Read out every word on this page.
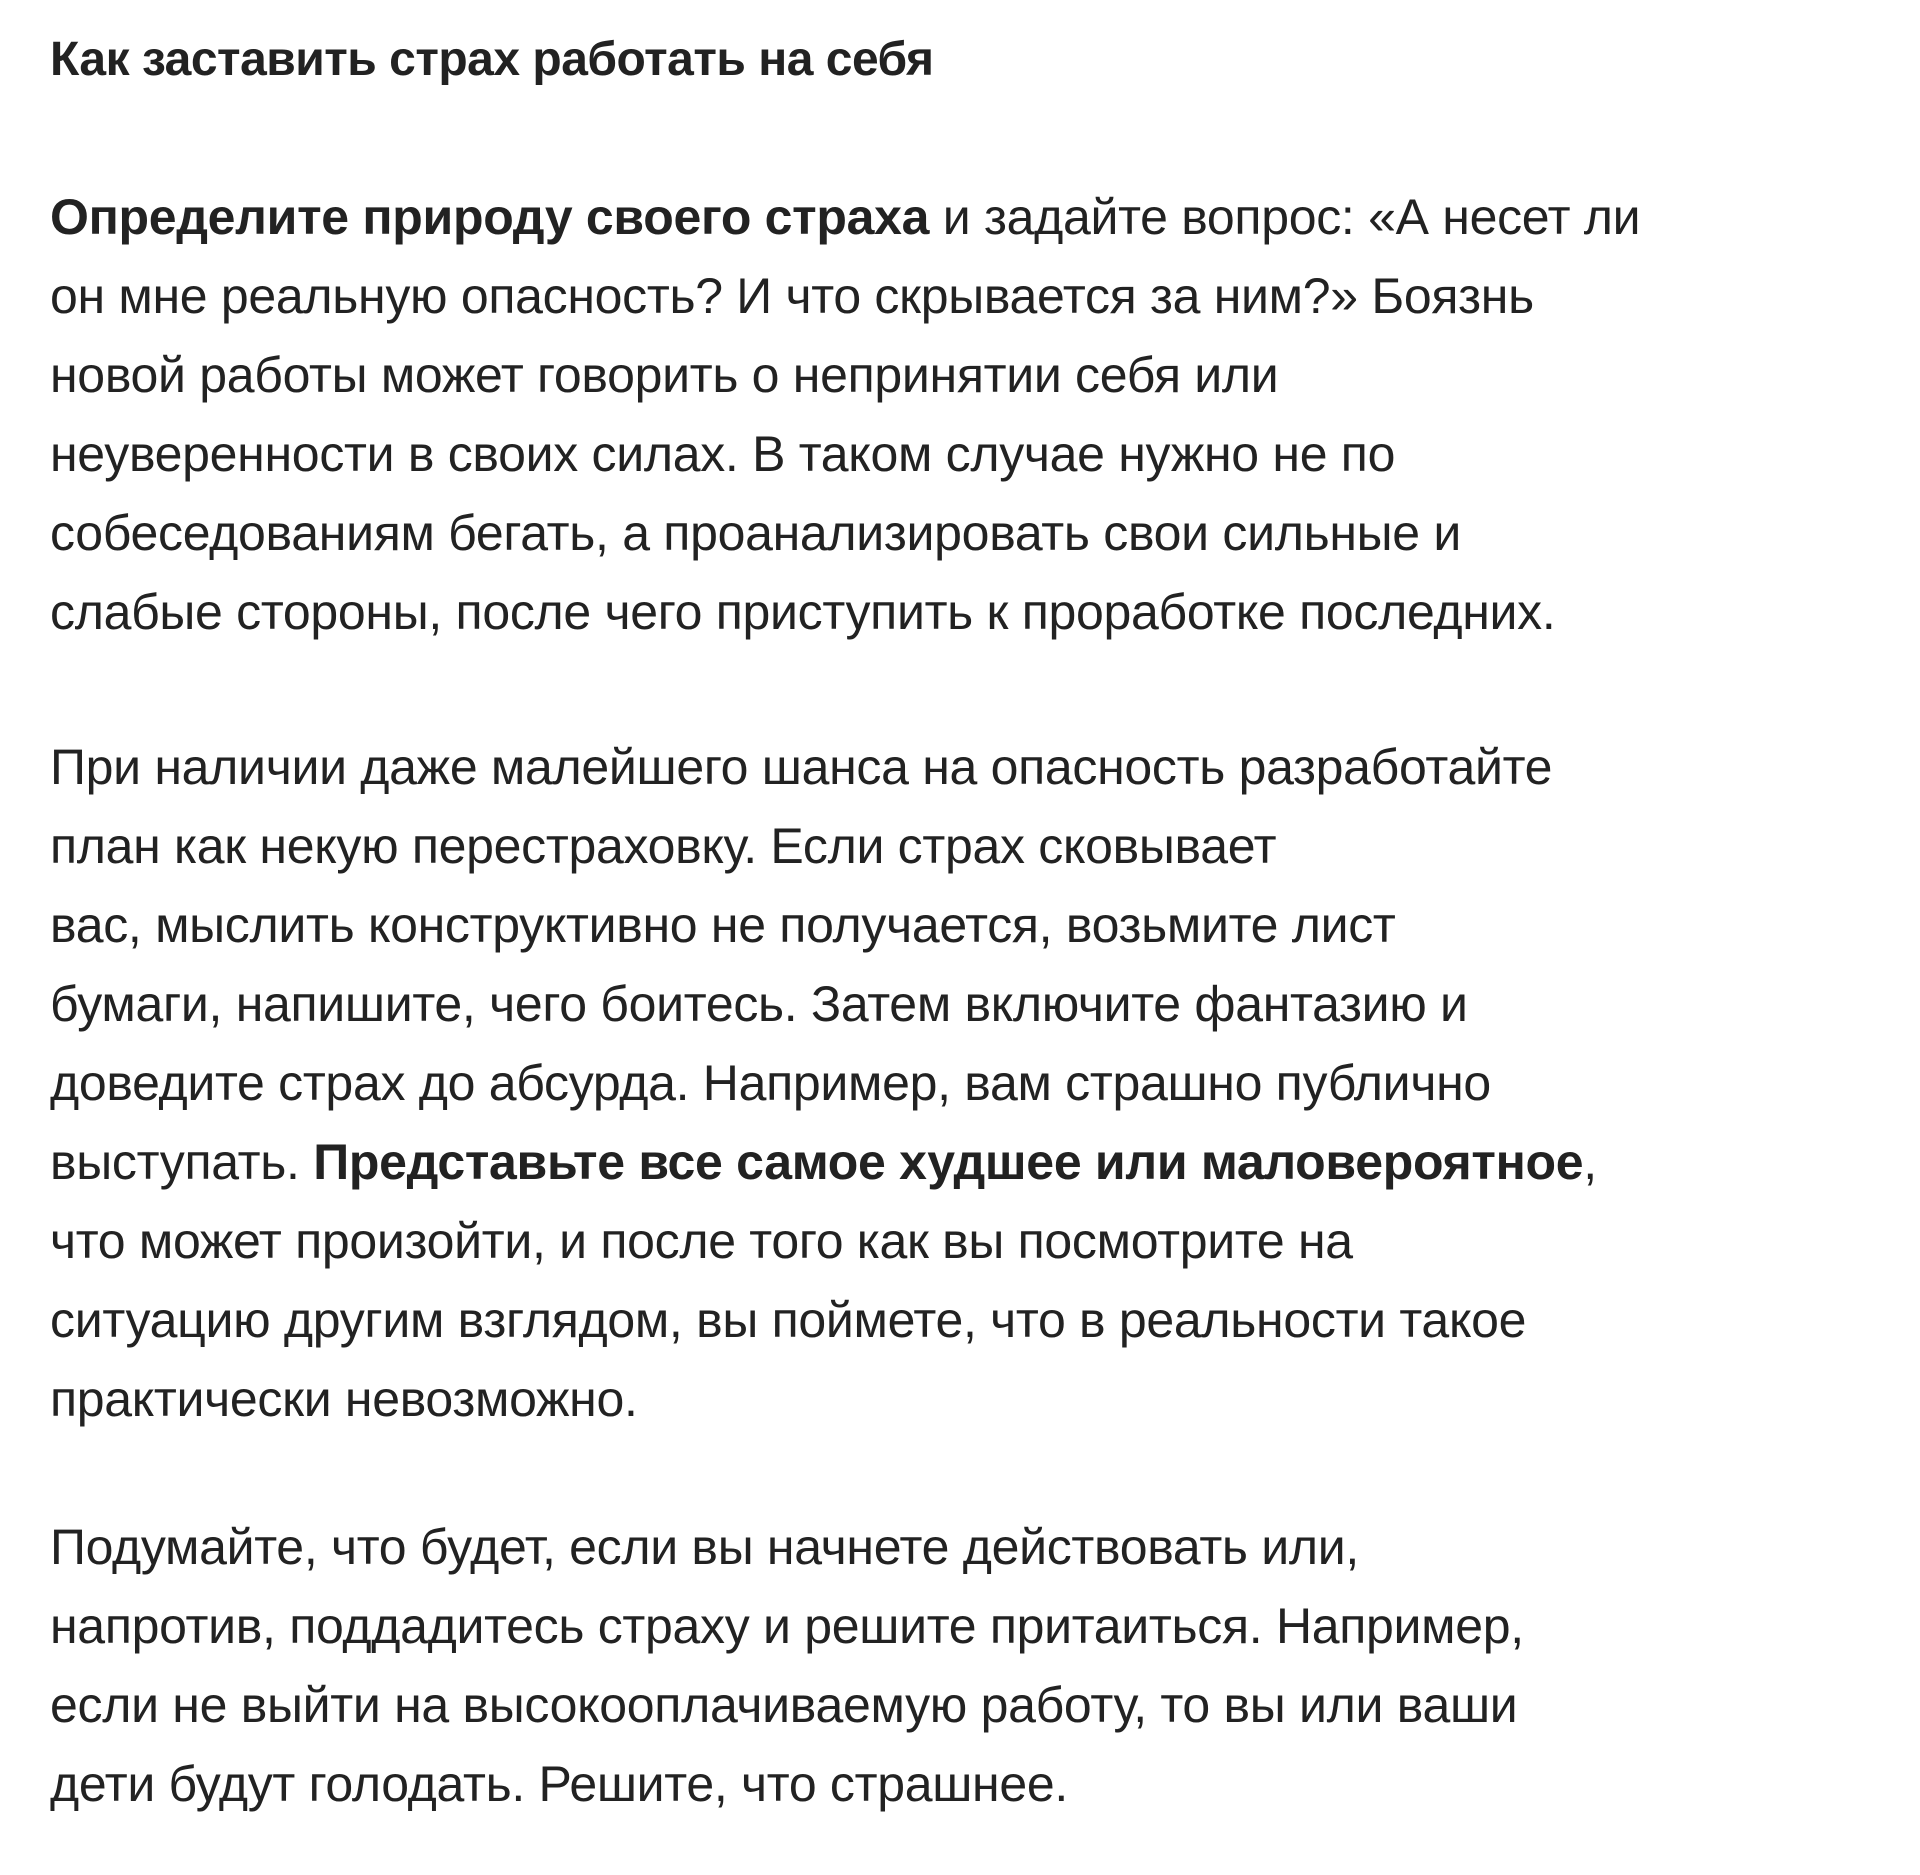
Как заставить страх работать на себя

Определите природу своего страха и задайте вопрос: «А несет ли
он мне реальную опасность? И что скрывается за ним?» Боязнь
новой работы может говорить о непринятии себя или
неуверенности в своих силах. В таком случае нужно не по
собеседованиям бегать, а проанализировать свои сильные и
слабые стороны, после чего приступить к проработке последних.

При наличии даже малейшего шанса на опасность разработайте
план как некую перестраховку. Если страх сковывает
вас, мыслить конструктивно не получается, возьмите лист
бумаги, напишите, чего боитесь. Затем включите фантазию и
доведите страх до абсурда. Например, вам страшно публично
выступать. Представьте все самое худшее или маловероятное,
что может произойти, и после того как вы посмотрите на
ситуацию другим взглядом, вы поймете, что в реальности такое
практически невозможно.

Подумайте, что будет, если вы начнете действовать или,
напротив, поддадитесь страху и решите притаиться. Например,
если не выйти на высокооплачиваемую работу, то вы или ваши
дети будут голодать. Решите, что страшнее.
